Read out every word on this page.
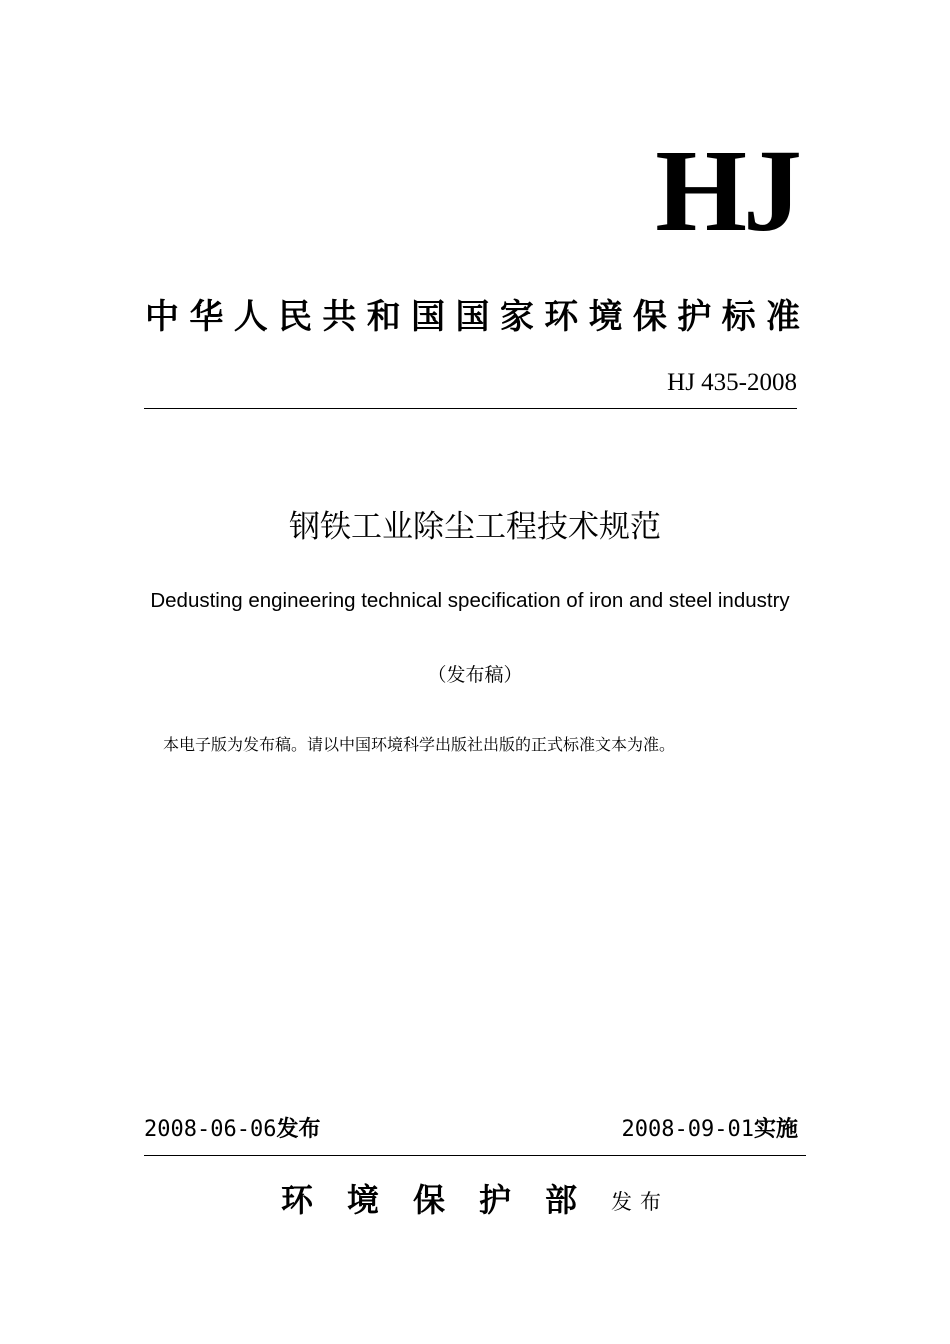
HJ
中华人民共和国国家环境保护标准
HJ 435-2008
钢铁工业除尘工程技术规范
Dedusting engineering technical specification of iron and steel industry
（发布稿）
本电子版为发布稿。请以中国环境科学出版社出版的正式标准文本为准。
2008-06-06发布	2008-09-01实施
环境保护部发布
